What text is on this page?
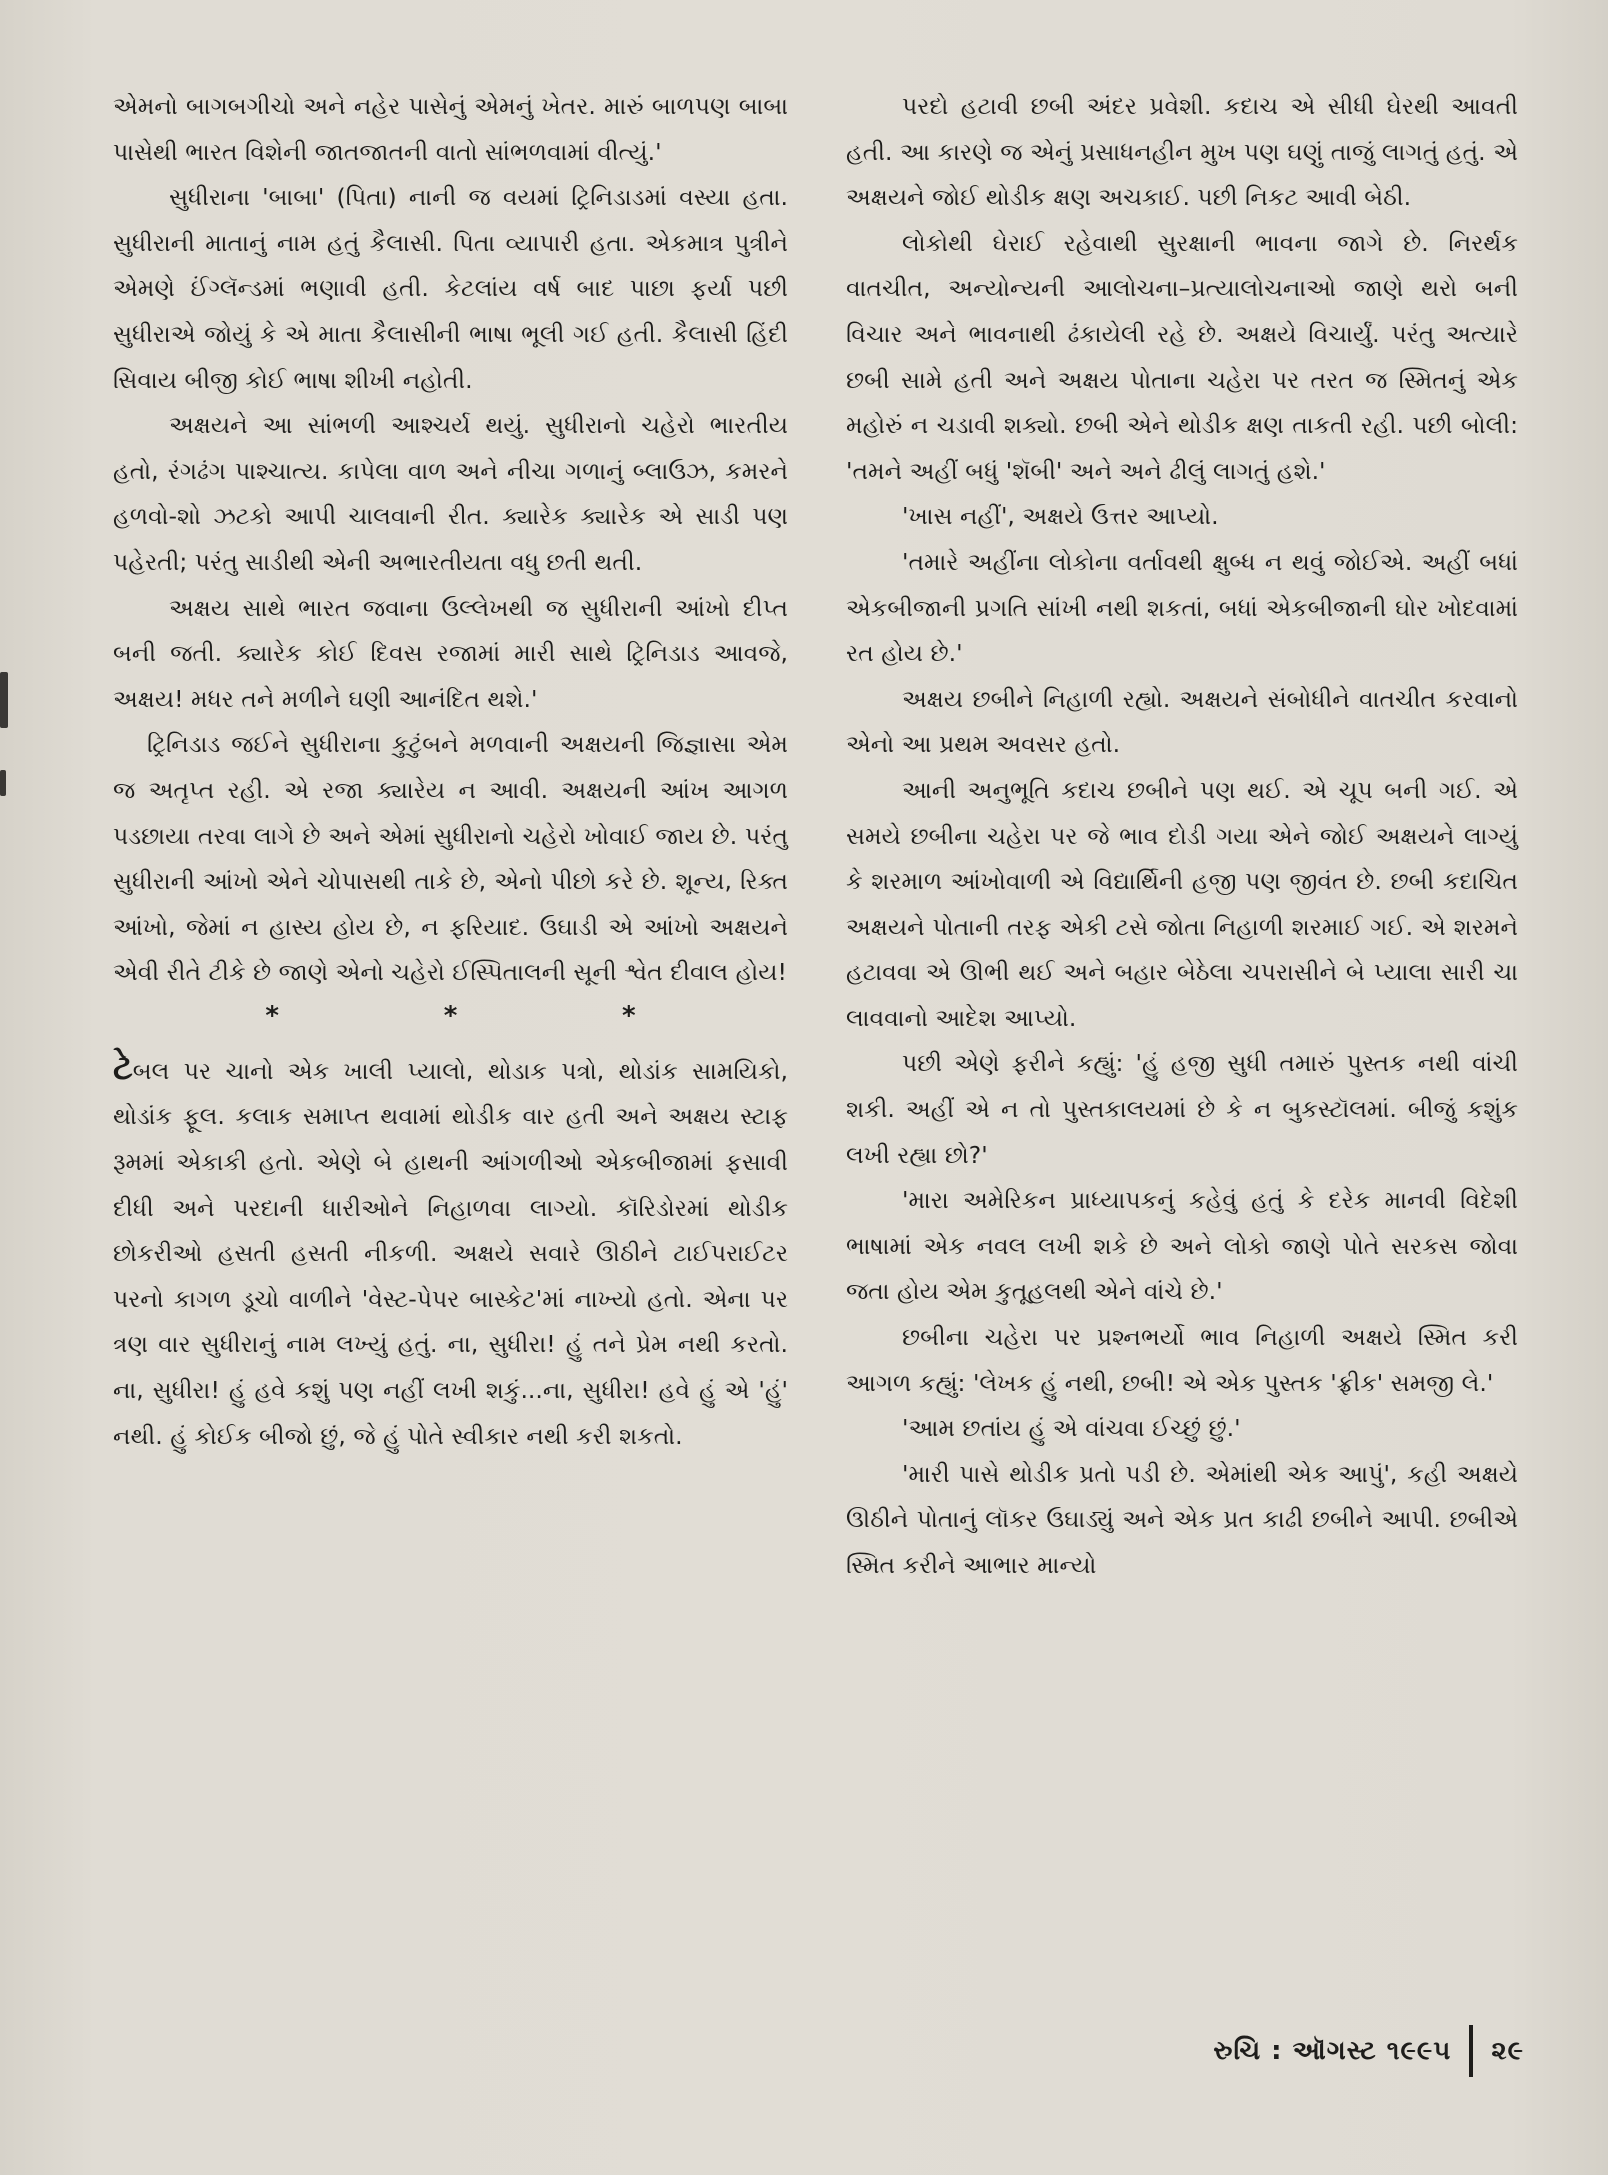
એમનો બાગબગીચો અને નહેર પાસેનું એમનું ખેતર. મારું બાળપણ બાબા પાસેથી ભારત વિશેની જાતજાતની વાતો સાંભળવામાં વીત્યું.'

સુધીરાના 'બાબા' (પિતા) નાની જ વયમાં ટ્રિનિડાડમાં વસ્યા હતા. સુધીરાની માતાનું નામ હતું કૈલાસી. પિતા વ્યાપારી હતા. એકમાત્ર પુત્રીને એમણે ઈંગ્લૅન્ડમાં ભણાવી હતી. કેટલાંય વર્ષ બાદ પાછા ફર્યા પછી સુધીરાએ જોયું કે એ માતા કૈલાસીની ભાષા ભૂલી ગઈ હતી. કૈલાસી હિંદી સિવાય બીજી કોઈ ભાષા શીખી નહોતી.

અક્ષયને આ સાંભળી આશ્ચર્ય થયું. સુધીરાનો ચહેરો ભારતીય હતો, રંગઢંગ પાશ્ચાત્ય. કાપેલા વાળ અને નીચા ગળાનું બ્લાઉઝ, કમરને હળવો-શો ઝટકો આપી ચાલવાની રીત. ક્યારેક ક્યારેક એ સાડી પણ પહેરતી; પરંતુ સાડીથી એની અભારતીયતા વધુ છતી થતી.

અક્ષય સાથે ભારત જવાના ઉલ્લેખથી જ સુધીરાની આંખો દીપ્ત બની જતી. ક્યારેક કોઈ દિવસ રજામાં મારી સાથે ટ્રિનિડાડ આવજે, અક્ષય! મધર તને મળીને ઘણી આનંદિત થશે.'

ટ્રિનિડાડ જઈને સુધીરાના કુટુંબને મળવાની અક્ષયની જિજ્ઞાસા એમ જ અતૃપ્ત રહી. એ રજા ક્યારેય ન આવી. અક્ષયની આંખ આગળ પડછાયા તરવા લાગે છે અને એમાં સુધીરાનો ચહેરો ખોવાઈ જાય છે. પરંતુ સુધીરાની આંખો એને ચોપાસથી તાકે છે, એનો પીછો કરે છે. શૂન્ય, રિક્ત આંખો, જેમાં ન હાસ્ય હોય છે, ન ફરિયાદ. ઉઘાડી એ આંખો અક્ષયને એવી રીતે ટીકે છે જાણે એનો ચહેરો ઈસ્પિતાલની સૂની શ્વેત દીવાલ હોય!

*	*	*

ટેબલ પર ચાનો એક ખાલી પ્યાલો, થોડાક પત્રો, થોડાંક સામયિકો, થોડાંક ફૂલ. કલાક સમાપ્ત થવામાં થોડીક વાર હતી અને અક્ષય સ્ટાફ રૂમમાં એકાકી હતો. એણે બે હાથની આંગળીઓ એકબીજામાં ફસાવી દીધી અને પરદાની ધારીઓને નિહાળવા લાગ્યો. કૉરિડોરમાં થોડીક છોકરીઓ હસતી હસતી નીકળી. અક્ષયે સવારે ઊઠીને ટાઈપરાઈટર પરનો કાગળ ડૂચો વાળીને 'વેસ્ટ-પેપર બાસ્કેટ'માં નાખ્યો હતો. એના પર ત્રણ વાર સુધીરાનું નામ લખ્યું હતું. ના, સુધીરા! હું તને પ્રેમ નથી કરતો. ના, સુધીરા! હું હવે કશું પણ નહીં લખી શકું...ના, સુધીરા! હવે હું એ 'હું' નથી. હું કોઈક બીજો છું, જે હું પોતે સ્વીકાર નથી કરી શકતો.

પરદો હટાવી છબી અંદર પ્રવેશી. કદાચ એ સીધી ઘેરથી આવતી હતી. આ કારણે જ એનું પ્રસાધનહીન મુખ પણ ઘણું તાજું લાગતું હતું. એ અક્ષયને જોઈ થોડીક ક્ષણ અચકાઈ. પછી નિકટ આવી બેઠી.

લોકોથી ઘેરાઈ રહેવાથી સુરક્ષાની ભાવના જાગે છે. નિરર્થક વાતચીત, અન્યોન્યની આલોચના–પ્રત્યાલોચનાઓ જાણે થરો બની વિચાર અને ભાવનાથી ઢંકાયેલી રહે છે. અક્ષયે વિચાર્યું. પરંતુ અત્યારે છબી સામે હતી અને અક્ષય પોતાના ચહેરા પર તરત જ સ્મિતનું એક મહોરું ન ચડાવી શક્યો. છબી એને થોડીક ક્ષણ તાકતી રહી. પછી બોલી: 'તમને અહીં બધું 'શૅબી' અને અને ઢીલું લાગતું હશે.'

'ખાસ નહીં', અક્ષયે ઉત્તર આપ્યો.

'તમારે અહીંના લોકોના વર્તાવથી ક્ષુબ્ધ ન થવું જોઈએ. અહીં બધાં એકબીજાની પ્રગતિ સાંખી નથી શકતાં, બધાં એકબીજાની ઘોર ખોદવામાં રત હોય છે.'

અક્ષય છબીને નિહાળી રહ્યો. અક્ષયને સંબોધીને વાતચીત કરવાનો એનો આ પ્રથમ અવસર હતો.

આની અનુભૂતિ કદાચ છબીને પણ થઈ. એ ચૂપ બની ગઈ. એ સમયે છબીના ચહેરા પર જે ભાવ દોડી ગયા એને જોઈ અક્ષયને લાગ્યું કે શરમાળ આંખોવાળી એ વિદ્યાર્થિની હજી પણ જીવંત છે. છબી કદાચિત અક્ષયને પોતાની તરફ એકી ટસે જોતા નિહાળી શરમાઈ ગઈ. એ શરમને હટાવવા એ ઊભી થઈ અને બહાર બેઠેલા ચપરાસીને બે પ્યાલા સારી ચા લાવવાનો આદેશ આપ્યો.

પછી એણે ફરીને કહ્યું: 'હું હજી સુધી તમારું પુસ્તક નથી વાંચી શકી. અહીં એ ન તો પુસ્તકાલયમાં છે કે ન બુકસ્ટૉલમાં. બીજું કશુંક લખી રહ્યા છો?'

'મારા અમેરિકન પ્રાધ્યાપકનું કહેવું હતું કે દરેક માનવી વિદેશી ભાષામાં એક નવલ લખી શકે છે અને લોકો જાણે પોતે સરકસ જોવા જતા હોય એમ કુતૂહલથી એને વાંચે છે.'

છબીના ચહેરા પર પ્રશ્નભર્યો ભાવ નિહાળી અક્ષયે સ્મિત કરી આગળ કહ્યું: 'લેખક હું નથી, છબી! એ એક પુસ્તક 'ફ્રીક' સમજી લે.'

'આમ છતાંય હું એ વાંચવા ઈચ્છું છું.'

'મારી પાસે થોડીક પ્રતો પડી છે. એમાંથી એક આપું', કહી અક્ષયે ઊઠીને પોતાનું લૉકર ઉઘાડ્યું અને એક પ્રત કાઢી છબીને આપી. છબીએ સ્મિત કરીને આભાર માન્યો

રુચિ : ઑગસ્ટ ૧૯૯૫ ૨૯
